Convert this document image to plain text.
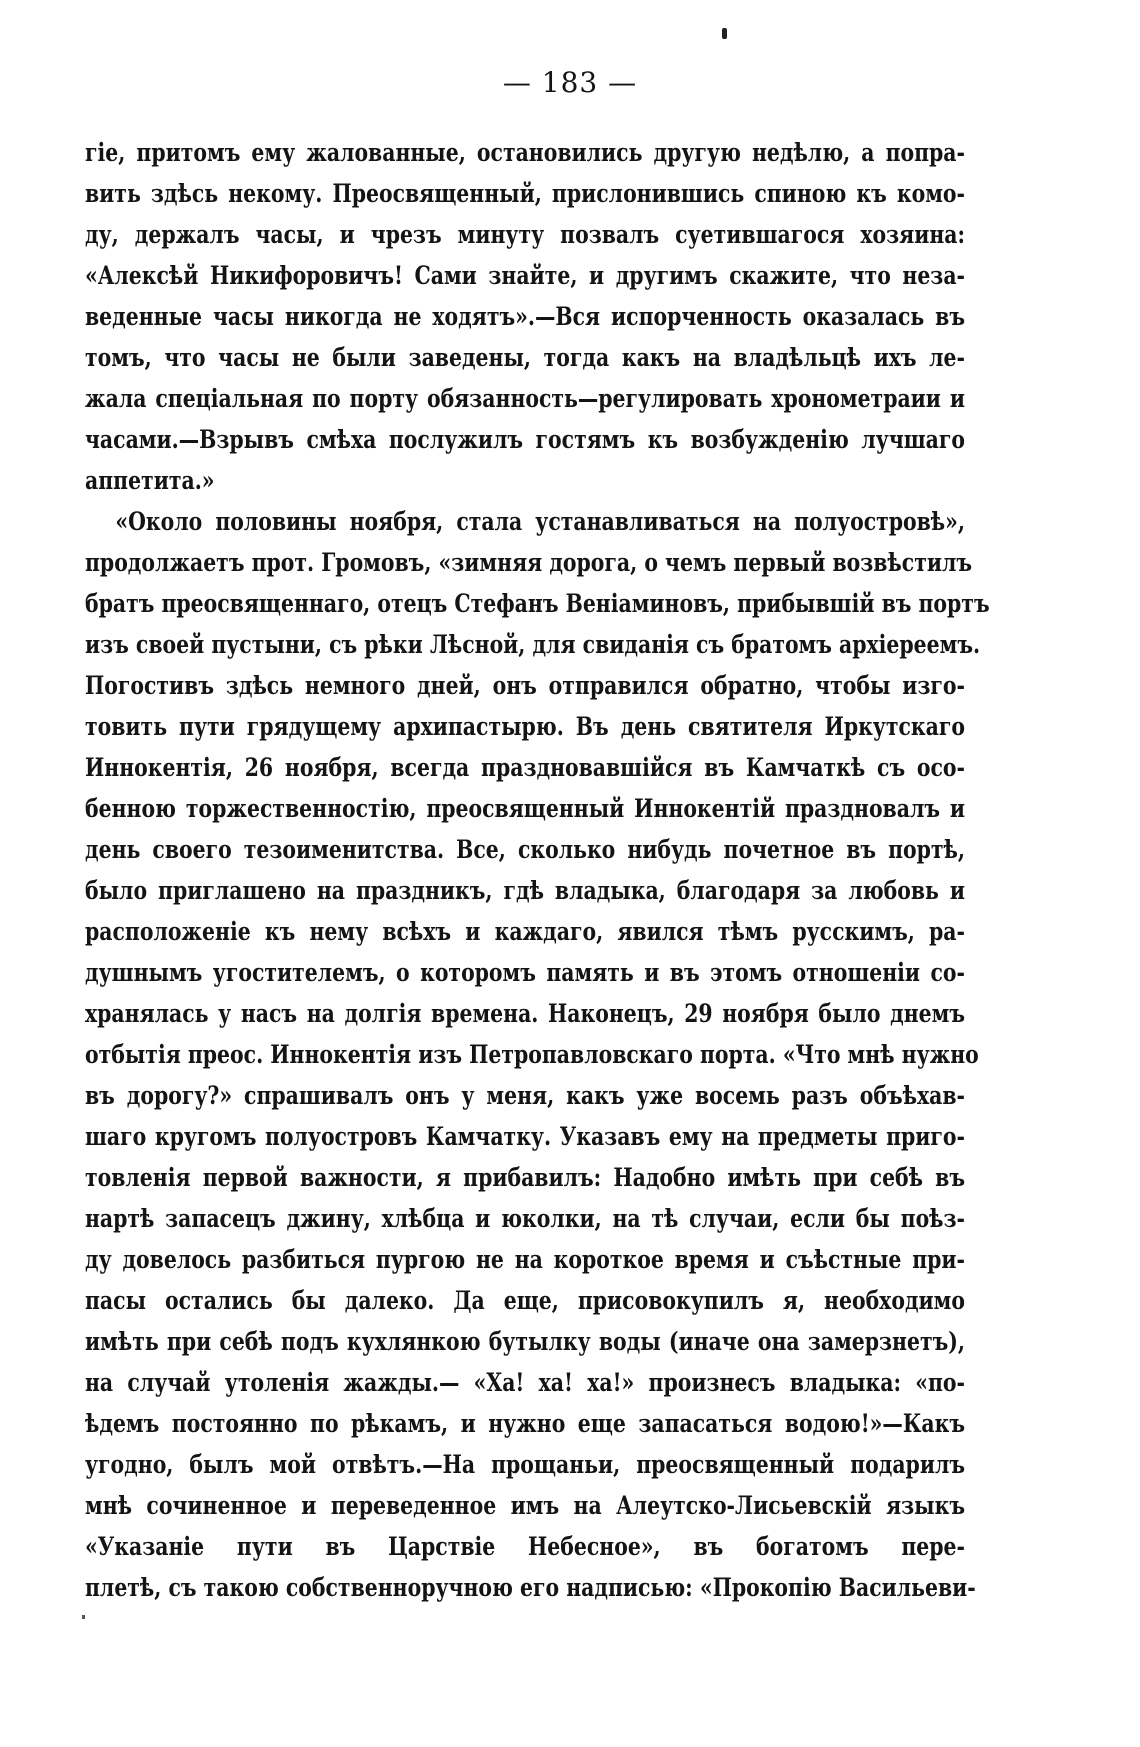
— 183 —
гіе, притомъ ему жалованные, остановились другую недѣлю, а попра-
вить здѣсь некому. Преосвященный, прислонившись спиною къ комо-
ду, держалъ часы, и чрезъ минуту позвалъ суетившагося хозяина:
«Алексѣй Никифоровичъ! Сами знайте, и другимъ скажите, что неза-
веденные часы никогда не ходятъ».—Вся испорченность оказалась въ
томъ, что часы не были заведены, тогда какъ на владѣльцѣ ихъ ле-
жала спеціальная по порту обязанность—регулировать хронометраии и
часами.—Взрывъ смѣха послужилъ гостямъ къ возбужденію лучшаго
аппетита.»
«Около половины ноября, стала устанавливаться на полуостровѣ»,
продолжаетъ прот. Громовъ, «зимняя дорога, о чемъ первый возвѣстилъ
братъ преосвященнаго, отецъ Стефанъ Веніаминовъ, прибывшій въ портъ
изъ своей пустыни, съ рѣки Лѣсной, для свиданія съ братомъ архіереемъ.
Погостивъ здѣсь немного дней, онъ отправился обратно, чтобы изго-
товить пути грядущему архипастырю. Въ день святителя Иркутскаго
Иннокентія, 26 ноября, всегда праздновавшійся въ Камчаткѣ съ осо-
бенною торжественностію, преосвященный Иннокентій праздновалъ и
день своего тезоименитства. Все, сколько нибудь почетное въ портѣ,
было приглашено на праздникъ, гдѣ владыка, благодаря за любовь и
расположеніе къ нему всѣхъ и каждаго, явился тѣмъ русскимъ, ра-
душнымъ угостителемъ, о которомъ память и въ этомъ отношеніи со-
хранялась у насъ на долгія времена. Наконецъ, 29 ноября было днемъ
отбытія преос. Иннокентія изъ Петропавловскаго порта. «Что мнѣ нужно
въ дорогу?» спрашивалъ онъ у меня, какъ уже восемь разъ объѣхав-
шаго кругомъ полуостровъ Камчатку. Указавъ ему на предметы приго-
товленія первой важности, я прибавилъ: Надобно имѣть при себѣ въ
нартѣ запасецъ джину, хлѣбца и юколки, на тѣ случаи, если бы поѣз-
ду довелось разбиться пургою не на короткое время и съѣстные при-
пасы остались бы далеко. Да еще, присовокупилъ я, необходимо
имѣть при себѣ подъ кухлянкою бутылку воды (иначе она замерзнетъ),
на случай утоленія жажды.— «Ха! ха! ха!» произнесъ владыка: «по-
ѣдемъ постоянно по рѣкамъ, и нужно еще запасаться водою!»—Какъ
угодно, былъ мой отвѣтъ.—На прощаньи, преосвященный подарилъ
мнѣ сочиненное и переведенное имъ на Алеутско-Лисьевскій языкъ
«Указаніе пути въ Царствіе Небесное», въ богатомъ пере-
плетѣ, съ такою собственноручною его надписью: «Прокопію Васильеви-
